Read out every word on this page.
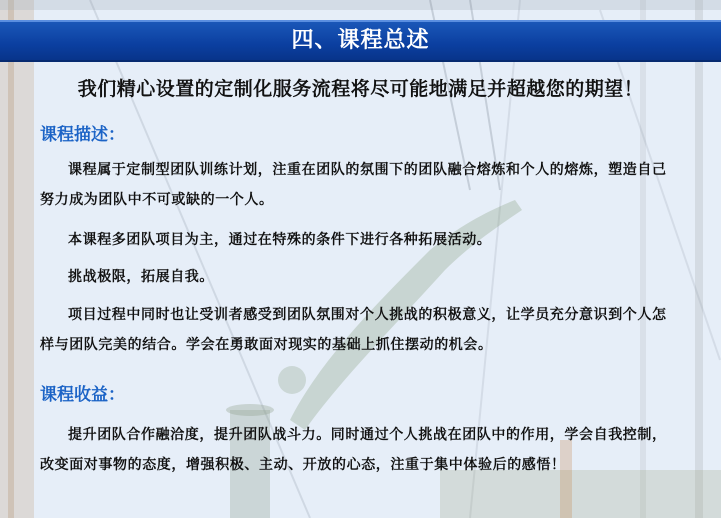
四、课程总述
我们精心设置的定制化服务流程将尽可能地满足并超越您的期望！
课程描述：
课程属于定制型团队训练计划，注重在团队的氛围下的团队融合熔炼和个人的熔炼，塑造自己努力成为团队中不可或缺的一个人。
本课程多团队项目为主，通过在特殊的条件下进行各种拓展活动。
挑战极限，拓展自我。
项目过程中同时也让受训者感受到团队氛围对个人挑战的积极意义，让学员充分意识到个人怎样与团队完美的结合。学会在勇敢面对现实的基础上抓住摆动的机会。
课程收益：
提升团队合作融洽度，提升团队战斗力。同时通过个人挑战在团队中的作用，学会自我控制，改变面对事物的态度，增强积极、主动、开放的心态，注重于集中体验后的感悟！
